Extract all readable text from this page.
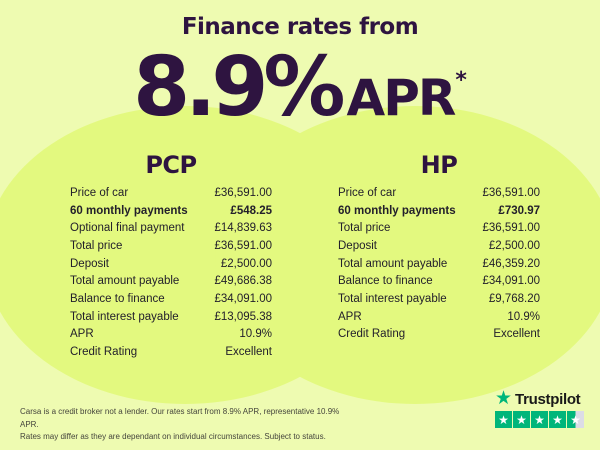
Finance rates from
8.9% APR *
PCP
Price of car	£36,591.00
60 monthly payments	£548.25
Optional final payment	£14,839.63
Total price	£36,591.00
Deposit	£2,500.00
Total amount payable	£49,686.38
Balance to finance	£34,091.00
Total interest payable	£13,095.38
APR	10.9%
Credit Rating	Excellent
HP
Price of car	£36,591.00
60 monthly payments	£730.97
Total price	£36,591.00
Deposit	£2,500.00
Total amount payable	£46,359.20
Balance to finance	£34,091.00
Total interest payable	£9,768.20
APR	10.9%
Credit Rating	Excellent
Carsa is a credit broker not a lender. Our rates start from 8.9% APR, representative 10.9% APR.
Rates may differ as they are dependant on individual circumstances. Subject to status.
★ Trustpilot
★ ★ ★ ★ ★
